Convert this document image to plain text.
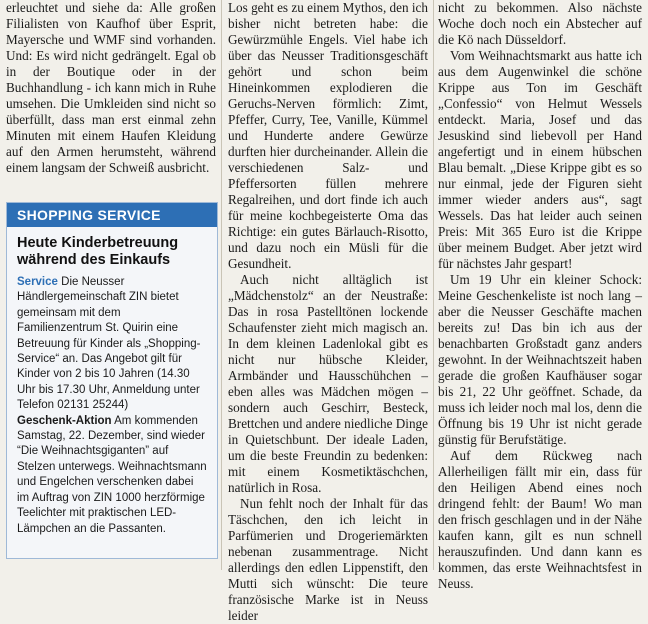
erleuchtet und siehe da: Alle großen Filialisten von Kaufhof über Esprit, Mayersche und WMF sind vorhanden. Und: Es wird nicht gedrängelt. Egal ob in der Boutique oder in der Buchhandlung - ich kann mich in Ruhe umsehen. Die Umkleiden sind nicht so überfüllt, dass man erst einmal zehn Minuten mit einem Haufen Kleidung auf den Armen herumsteht, während einem langsam der Schweiß ausbricht.

SHOPPING SERVICE
Heute Kinderbetreuung während des Einkaufs

Service Die Neusser Händlergemeinschaft ZIN bietet gemeinsam mit dem Familienzentrum St. Quirin eine Betreuung für Kinder als „Shopping-Service“ an. Das Angebot gilt für Kinder von 2 bis 10 Jahren (14.30 Uhr bis 17.30 Uhr, Anmeldung unter Telefon 02131 25244)

Geschenk-Aktion Am kommenden Samstag, 22. Dezember, sind wieder “Die Weihnachtsgiganten” auf Stelzen unterwegs. Weihnachtsmann und Engelchen verschenken dabei im Auftrag von ZIN 1000 herzförmige Teelichter mit praktischen LED-Lämpchen an die Passanten.

Los geht es zu einem Mythos, den ich bisher nicht betreten habe: die Gewürzmühle Engels. Viel habe ich über das Neusser Traditionsgeschäft gehört und schon beim Hineinkommen explodieren die Geruchs-Nerven förmlich: Zimt, Pfeffer, Curry, Tee, Vanille, Kümmel und Hunderte andere Gewürze durften hier durcheinander. Allein die verschiedenen Salz- und Pfeffersorten füllen mehrere Regalreihen, und dort finde ich auch für meine kochbegeisterte Oma das Richtige: ein gutes Bärlauch-Risotto, und dazu noch ein Müsli für die Gesundheit.

Auch nicht alltäglich ist „Mädchenstolz“ an der Neustraße: Das in rosa Pastelltönen lockende Schaufenster zieht mich magisch an. In dem kleinen Ladenlokal gibt es nicht nur hübsche Kleider, Armbänder und Hausschühchen – eben alles was Mädchen mögen – sondern auch Geschirr, Besteck, Brettchen und andere niedliche Dinge in Quietschbunt. Der ideale Laden, um die beste Freundin zu bedenken: mit einem Kosmetiktäschchen, natürlich in Rosa.

Nun fehlt noch der Inhalt für das Täschchen, den ich leicht in Parfümerien und Drogeriemärkten nebenan zusammentrage. Nicht allerdings den edlen Lippenstift, den Mutti sich wünscht: Die teure französische Marke ist in Neuss leider

nicht zu bekommen. Also nächste Woche doch noch ein Abstecher auf die Kö nach Düsseldorf.

Vom Weihnachtsmarkt aus hatte ich aus dem Augenwinkel die schöne Krippe aus Ton im Geschäft „Confessio“ von Helmut Wessels entdeckt. Maria, Josef und das Jesuskind sind liebevoll per Hand angefertigt und in einem hübschen Blau bemalt. „Diese Krippe gibt es so nur einmal, jede der Figuren sieht immer wieder anders aus“, sagt Wessels. Das hat leider auch seinen Preis: Mit 365 Euro ist die Krippe über meinem Budget. Aber jetzt wird für nächstes Jahr gespart!

Um 19 Uhr ein kleiner Schock: Meine Geschenkeliste ist noch lang – aber die Neusser Geschäfte machen bereits zu! Das bin ich aus der benachbarten Großstadt ganz anders gewohnt. In der Weihnachtszeit haben gerade die großen Kaufhäuser sogar bis 21, 22 Uhr geöffnet. Schade, da muss ich leider noch mal los, denn die Öffnung bis 19 Uhr ist nicht gerade günstig für Berufstätige.

Auf dem Rückweg nach Allerheiligen fällt mir ein, dass für den Heiligen Abend eines noch dringend fehlt: der Baum! Wo man den frisch geschlagen und in der Nähe kaufen kann, gilt es nun schnell herauszufinden. Und dann kann es kommen, das erste Weihnachtsfest in Neuss.
